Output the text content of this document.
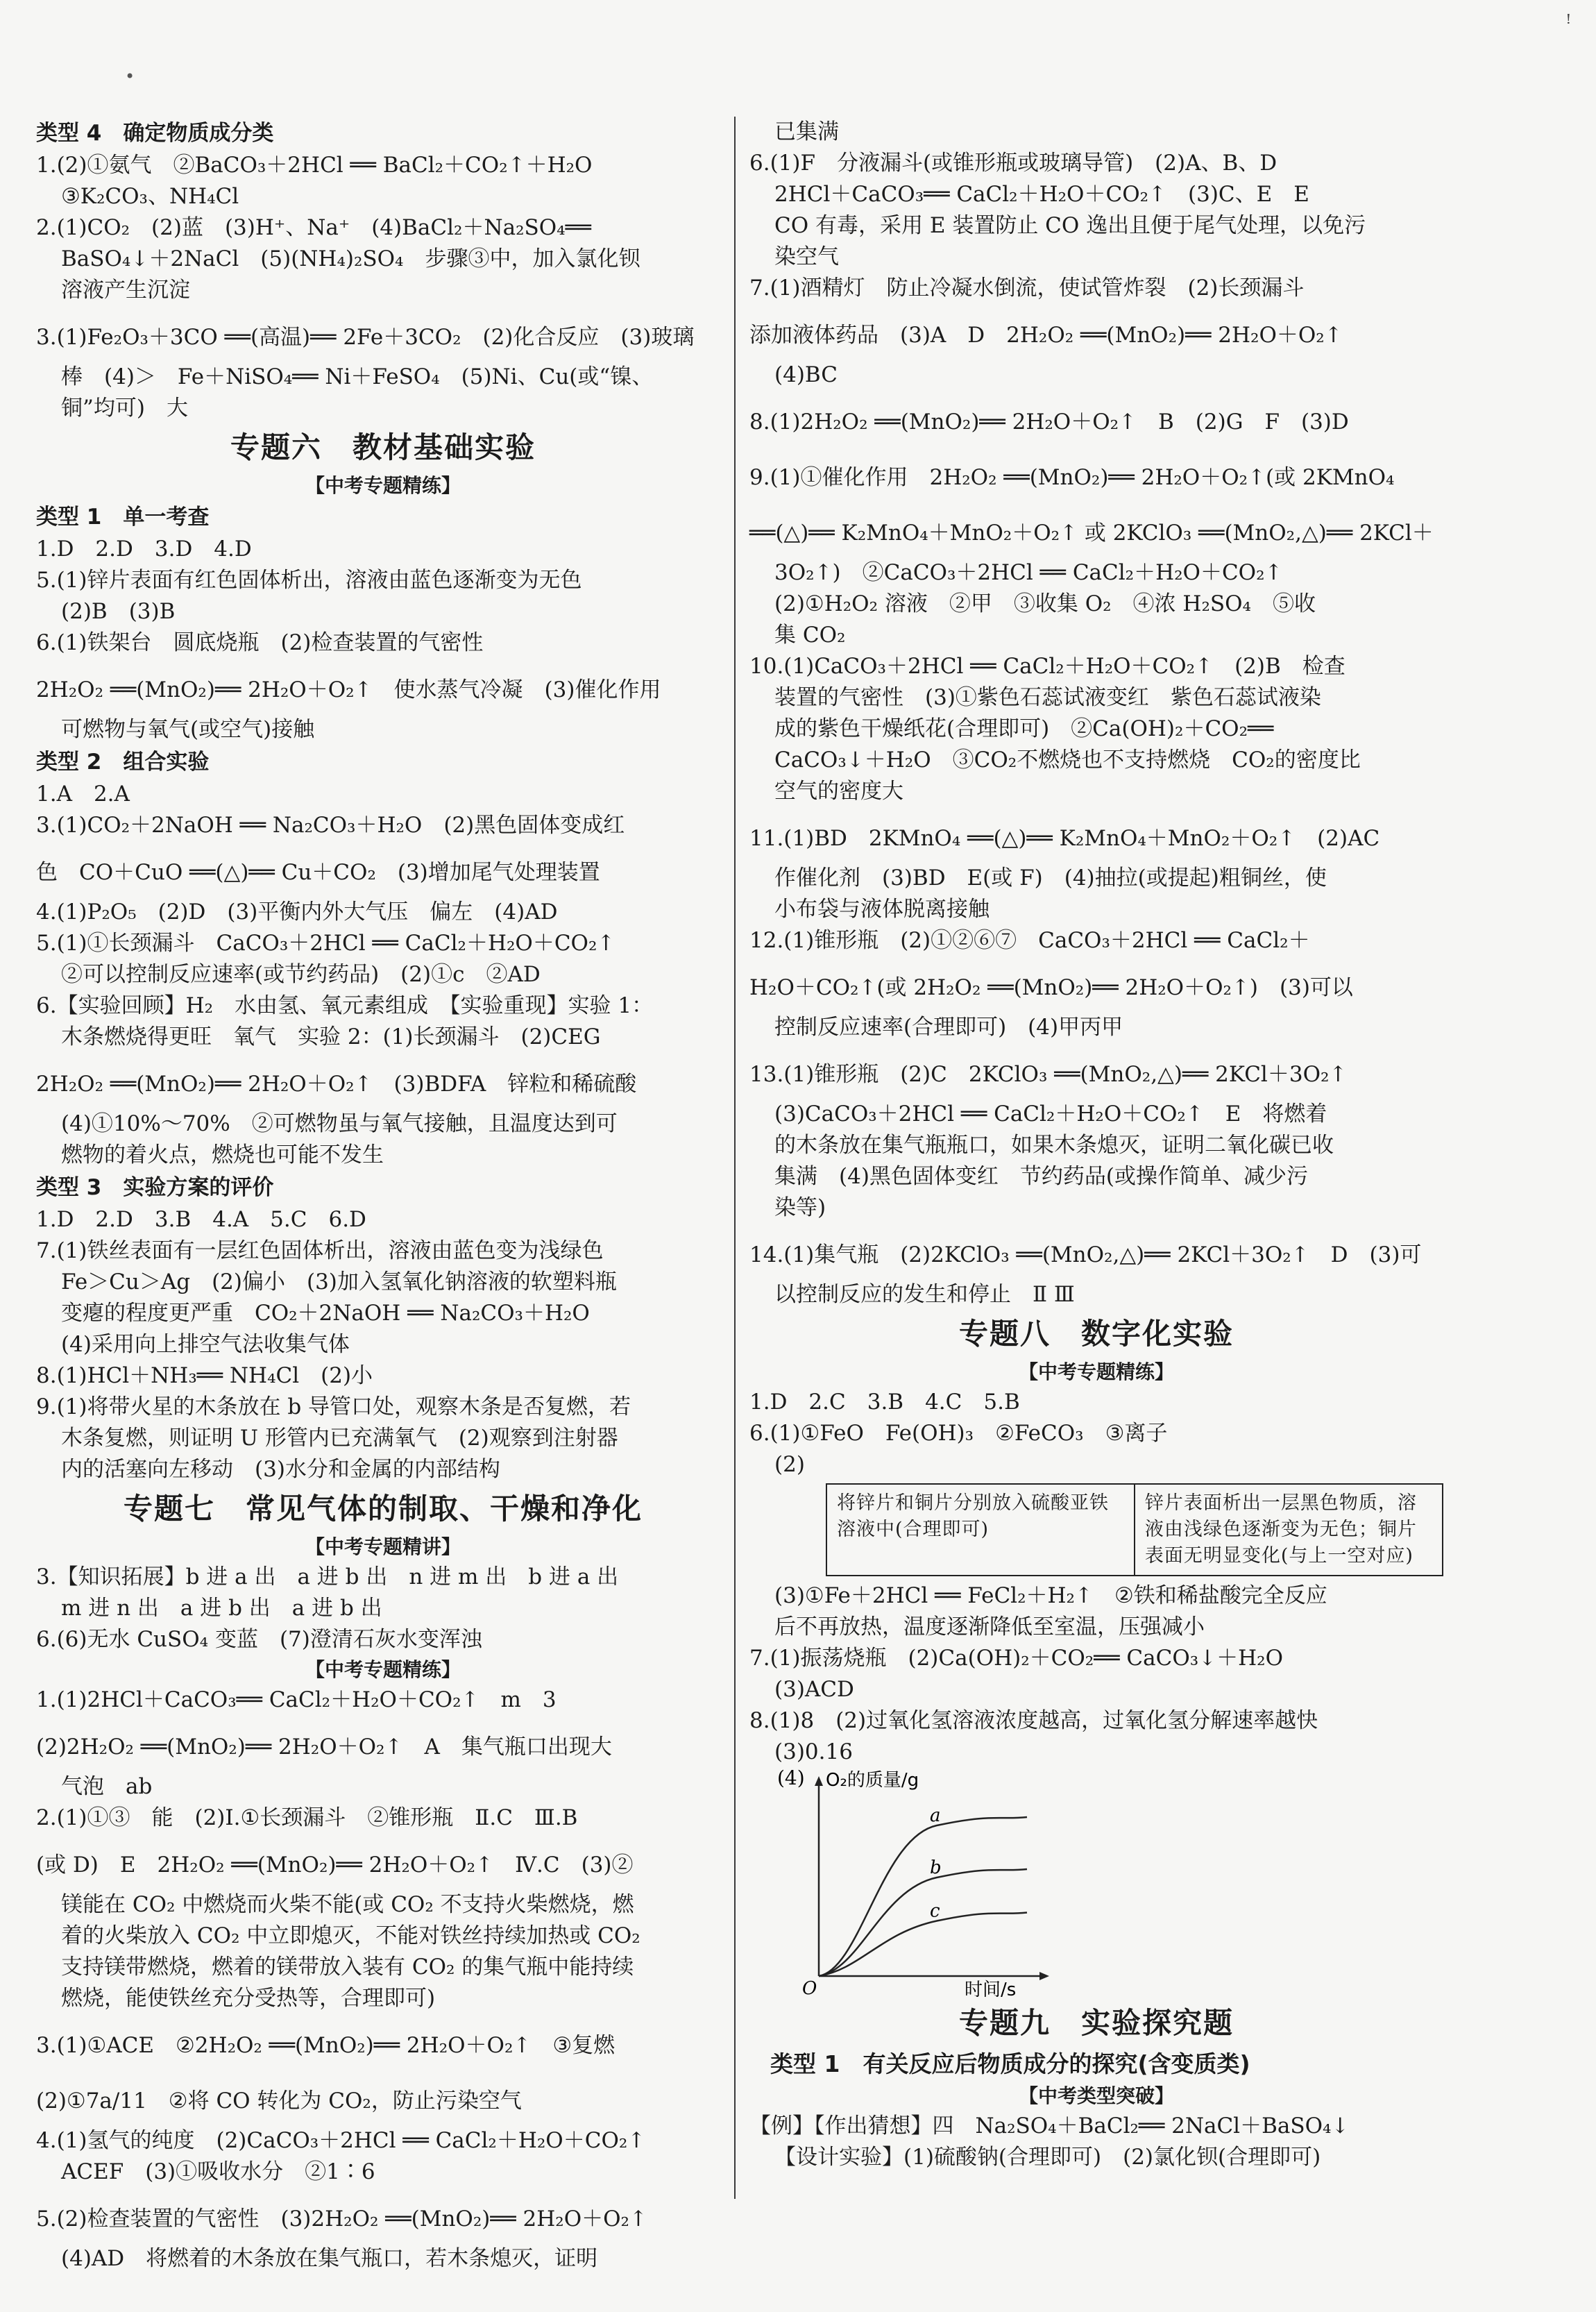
•
ꜝ
类型 4　确定物质成分类
1.(2)①氨气　②BaCO₃＋2HCl ══ BaCl₂＋CO₂↑＋H₂O
③K₂CO₃、NH₄Cl
2.(1)CO₂　(2)蓝　(3)H⁺、Na⁺　(4)BaCl₂＋Na₂SO₄══
BaSO₄↓＋2NaCl　(5)(NH₄)₂SO₄　步骤③中，加入氯化钡
溶液产生沉淀
3.(1)Fe₂O₃＋3CO ══(高温)══ 2Fe＋3CO₂　(2)化合反应　(3)玻璃
棒　(4)＞　Fe＋NiSO₄══ Ni＋FeSO₄　(5)Ni、Cu(或“镍、
铜”均可)　大
专题六　教材基础实验
【中考专题精练】
类型 1　单一考查
1.D　2.D　3.D　4.D
5.(1)锌片表面有红色固体析出，溶液由蓝色逐渐变为无色
(2)B　(3)B
6.(1)铁架台　圆底烧瓶　(2)检查装置的气密性
2H₂O₂ ══(MnO₂)══ 2H₂O＋O₂↑　使水蒸气冷凝　(3)催化作用
可燃物与氧气(或空气)接触
类型 2　组合实验
1.A　2.A
3.(1)CO₂＋2NaOH ══ Na₂CO₃＋H₂O　(2)黑色固体变成红
色　CO＋CuO ══(△)══ Cu＋CO₂　(3)增加尾气处理装置
4.(1)P₂O₅　(2)D　(3)平衡内外大气压　偏左　(4)AD
5.(1)①长颈漏斗　CaCO₃＋2HCl ══ CaCl₂＋H₂O＋CO₂↑
②可以控制反应速率(或节约药品)　(2)①c　②AD
6.【实验回顾】H₂　水由氢、氧元素组成　【实验重现】实验 1：
木条燃烧得更旺　氧气　实验 2：(1)长颈漏斗　(2)CEG
2H₂O₂ ══(MnO₂)══ 2H₂O＋O₂↑　(3)BDFA　锌粒和稀硫酸
(4)①10%～70%　②可燃物虽与氧气接触，且温度达到可
燃物的着火点，燃烧也可能不发生
类型 3　实验方案的评价
1.D　2.D　3.B　4.A　5.C　6.D
7.(1)铁丝表面有一层红色固体析出，溶液由蓝色变为浅绿色
Fe＞Cu＞Ag　(2)偏小　(3)加入氢氧化钠溶液的软塑料瓶
变瘪的程度更严重　CO₂＋2NaOH ══ Na₂CO₃＋H₂O
(4)采用向上排空气法收集气体
8.(1)HCl＋NH₃══ NH₄Cl　(2)小
9.(1)将带火星的木条放在 b 导管口处，观察木条是否复燃，若
木条复燃，则证明 U 形管内已充满氧气　(2)观察到注射器
内的活塞向左移动　(3)水分和金属的内部结构
专题七　常见气体的制取、干燥和净化
【中考专题精讲】
3.【知识拓展】b 进 a 出　a 进 b 出　n 进 m 出　b 进 a 出
m 进 n 出　a 进 b 出　a 进 b 出
6.(6)无水 CuSO₄ 变蓝　(7)澄清石灰水变浑浊
【中考专题精练】
1.(1)2HCl＋CaCO₃══ CaCl₂＋H₂O＋CO₂↑　m　3
(2)2H₂O₂ ══(MnO₂)══ 2H₂O＋O₂↑　A　集气瓶口出现大
气泡　ab
2.(1)①③　能　(2)Ⅰ.①长颈漏斗　②锥形瓶　Ⅱ.C　Ⅲ.B
(或 D)　E　2H₂O₂ ══(MnO₂)══ 2H₂O＋O₂↑　Ⅳ.C　(3)②
镁能在 CO₂ 中燃烧而火柴不能(或 CO₂ 不支持火柴燃烧，燃
着的火柴放入 CO₂ 中立即熄灭，不能对铁丝持续加热或 CO₂
支持镁带燃烧，燃着的镁带放入装有 CO₂ 的集气瓶中能持续
燃烧，能使铁丝充分受热等，合理即可)
3.(1)①ACE　②2H₂O₂ ══(MnO₂)══ 2H₂O＋O₂↑　③复燃
(2)①7a/11　②将 CO 转化为 CO₂，防止污染空气
4.(1)氢气的纯度　(2)CaCO₃＋2HCl ══ CaCl₂＋H₂O＋CO₂↑
ACEF　(3)①吸收水分　②1∶6
5.(2)检查装置的气密性　(3)2H₂O₂ ══(MnO₂)══ 2H₂O＋O₂↑
(4)AD　将燃着的木条放在集气瓶口，若木条熄灭，证明
已集满
6.(1)F　分液漏斗(或锥形瓶或玻璃导管)　(2)A、B、D
2HCl＋CaCO₃══ CaCl₂＋H₂O＋CO₂↑　(3)C、E　E
CO 有毒，采用 E 装置防止 CO 逸出且便于尾气处理，以免污
染空气
7.(1)酒精灯　防止冷凝水倒流，使试管炸裂　(2)长颈漏斗
添加液体药品　(3)A　D　2H₂O₂ ══(MnO₂)══ 2H₂O＋O₂↑
(4)BC
8.(1)2H₂O₂ ══(MnO₂)══ 2H₂O＋O₂↑　B　(2)G　F　(3)D
9.(1)①催化作用　2H₂O₂ ══(MnO₂)══ 2H₂O＋O₂↑(或 2KMnO₄
══(△)══ K₂MnO₄＋MnO₂＋O₂↑ 或 2KClO₃ ══(MnO₂,△)══ 2KCl＋
3O₂↑)　②CaCO₃＋2HCl ══ CaCl₂＋H₂O＋CO₂↑
(2)①H₂O₂ 溶液　②甲　③收集 O₂　④浓 H₂SO₄　⑤收
集 CO₂
10.(1)CaCO₃＋2HCl ══ CaCl₂＋H₂O＋CO₂↑　(2)B　检查
装置的气密性　(3)①紫色石蕊试液变红　紫色石蕊试液染
成的紫色干燥纸花(合理即可)　②Ca(OH)₂＋CO₂══
CaCO₃↓＋H₂O　③CO₂不燃烧也不支持燃烧　CO₂的密度比
空气的密度大
11.(1)BD　2KMnO₄ ══(△)══ K₂MnO₄＋MnO₂＋O₂↑　(2)AC
作催化剂　(3)BD　E(或 F)　(4)抽拉(或提起)粗铜丝，使
小布袋与液体脱离接触
12.(1)锥形瓶　(2)①②⑥⑦　CaCO₃＋2HCl ══ CaCl₂＋
H₂O＋CO₂↑(或 2H₂O₂ ══(MnO₂)══ 2H₂O＋O₂↑)　(3)可以
控制反应速率(合理即可)　(4)甲丙甲
13.(1)锥形瓶　(2)C　2KClO₃ ══(MnO₂,△)══ 2KCl＋3O₂↑
(3)CaCO₃＋2HCl ══ CaCl₂＋H₂O＋CO₂↑　E　将燃着
的木条放在集气瓶瓶口，如果木条熄灭，证明二氧化碳已收
集满　(4)黑色固体变红　节约药品(或操作简单、减少污
染等)
14.(1)集气瓶　(2)2KClO₃ ══(MnO₂,△)══ 2KCl＋3O₂↑　D　(3)可
以控制反应的发生和停止　Ⅱ Ⅲ
专题八　数字化实验
【中考专题精练】
1.D　2.C　3.B　4.C　5.B
6.(1)①FeO　Fe(OH)₃　②FeCO₃　③离子
(2)
将锌片和铜片分别放入硫酸亚铁溶液中(合理即可)	锌片表面析出一层黑色物质，溶液由浅绿色逐渐变为无色；铜片表面无明显变化(与上一空对应)
(3)①Fe＋2HCl ══ FeCl₂＋H₂↑　②铁和稀盐酸完全反应
后不再放热，温度逐渐降低至室温，压强减小
7.(1)振荡烧瓶　(2)Ca(OH)₂＋CO₂══ CaCO₃↓＋H₂O
(3)ACD
8.(1)8　(2)过氧化氢溶液浓度越高，过氧化氢分解速率越快
(3)0.16
(4) O₂的质量/g
时间/s
O
a
b
c
专题九　实验探究题
类型 1　有关反应后物质成分的探究(含变质类)
【中考类型突破】
【例】【作出猜想】四　Na₂SO₄＋BaCl₂══ 2NaCl＋BaSO₄↓
【设计实验】(1)硫酸钠(合理即可)　(2)氯化钡(合理即可)
